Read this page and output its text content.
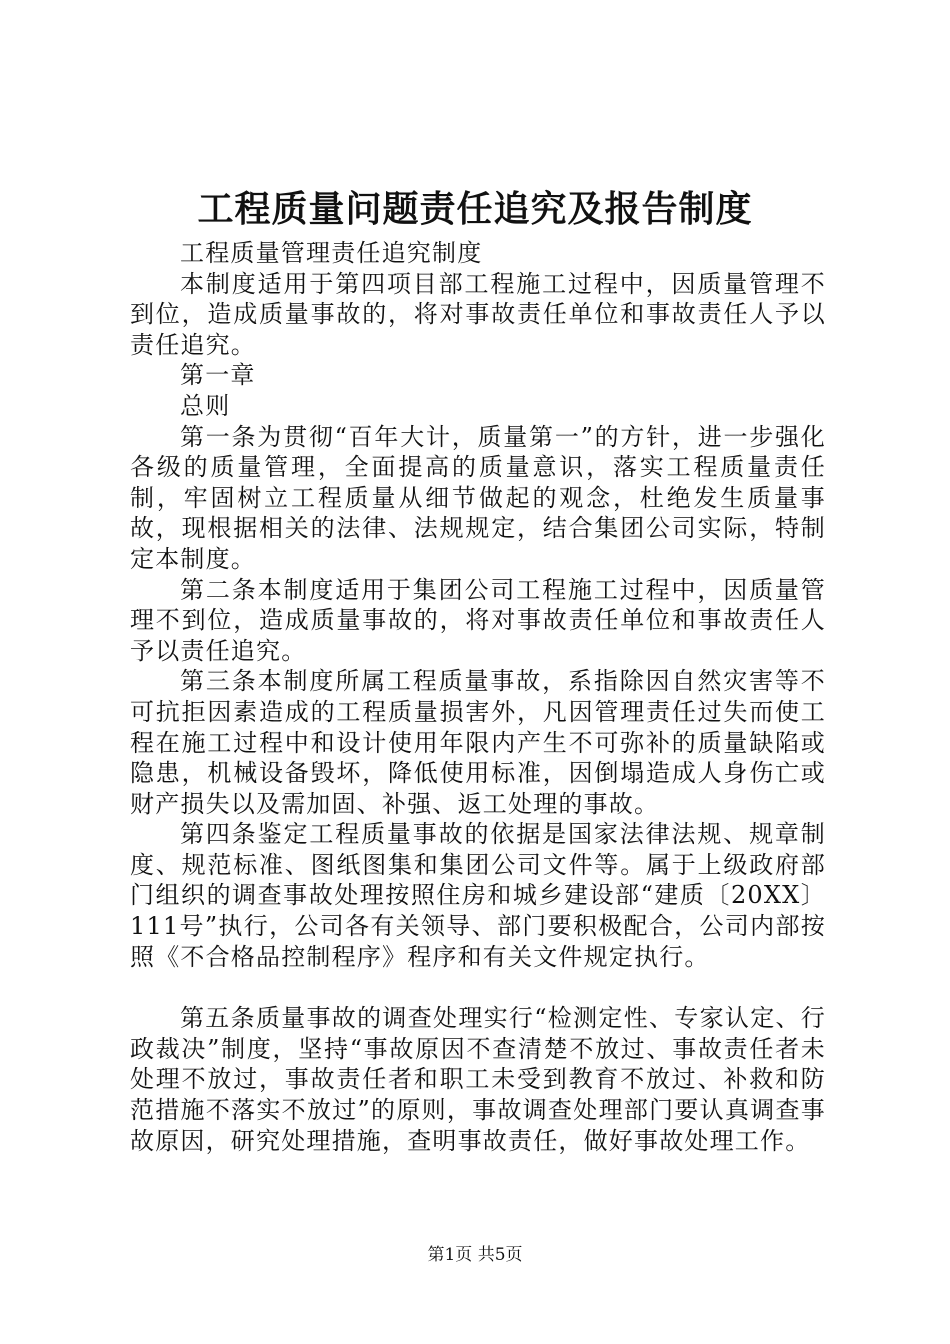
工程质量问题责任追究及报告制度

工程质量管理责任追究制度

本制度适用于第四项目部工程施工过程中，因质量管理不到位，造成质量事故的，将对事故责任单位和事故责任人予以责任追究。

第一章

总则

第一条为贯彻“百年大计，质量第一”的方针，进一步强化各级的质量管理，全面提高的质量意识，落实工程质量责任制，牢固树立工程质量从细节做起的观念，杜绝发生质量事故，现根据相关的法律、法规规定，结合集团公司实际，特制定本制度。

第二条本制度适用于集团公司工程施工过程中，因质量管理不到位，造成质量事故的，将对事故责任单位和事故责任人予以责任追究。

第三条本制度所属工程质量事故，系指除因自然灾害等不可抗拒因素造成的工程质量损害外，凡因管理责任过失而使工程在施工过程中和设计使用年限内产生不可弥补的质量缺陷或隐患，机械设备毁坏，降低使用标准，因倒塌造成人身伤亡或财产损失以及需加固、补强、返工处理的事故。

第四条鉴定工程质量事故的依据是国家法律法规、规章制度、规范标准、图纸图集和集团公司文件等。属于上级政府部门组织的调查事故处理按照住房和城乡建设部“建质〔20XX〕111号”执行，公司各有关领导、部门要积极配合，公司内部按照《不合格品控制程序》程序和有关文件规定执行。

第五条质量事故的调查处理实行“检测定性、专家认定、行政裁决”制度，坚持“事故原因不查清楚不放过、事故责任者未处理不放过，事故责任者和职工未受到教育不放过、补救和防范措施不落实不放过”的原则，事故调查处理部门要认真调查事故原因，研究处理措施，查明事故责任，做好事故处理工作。

第1页 共5页
